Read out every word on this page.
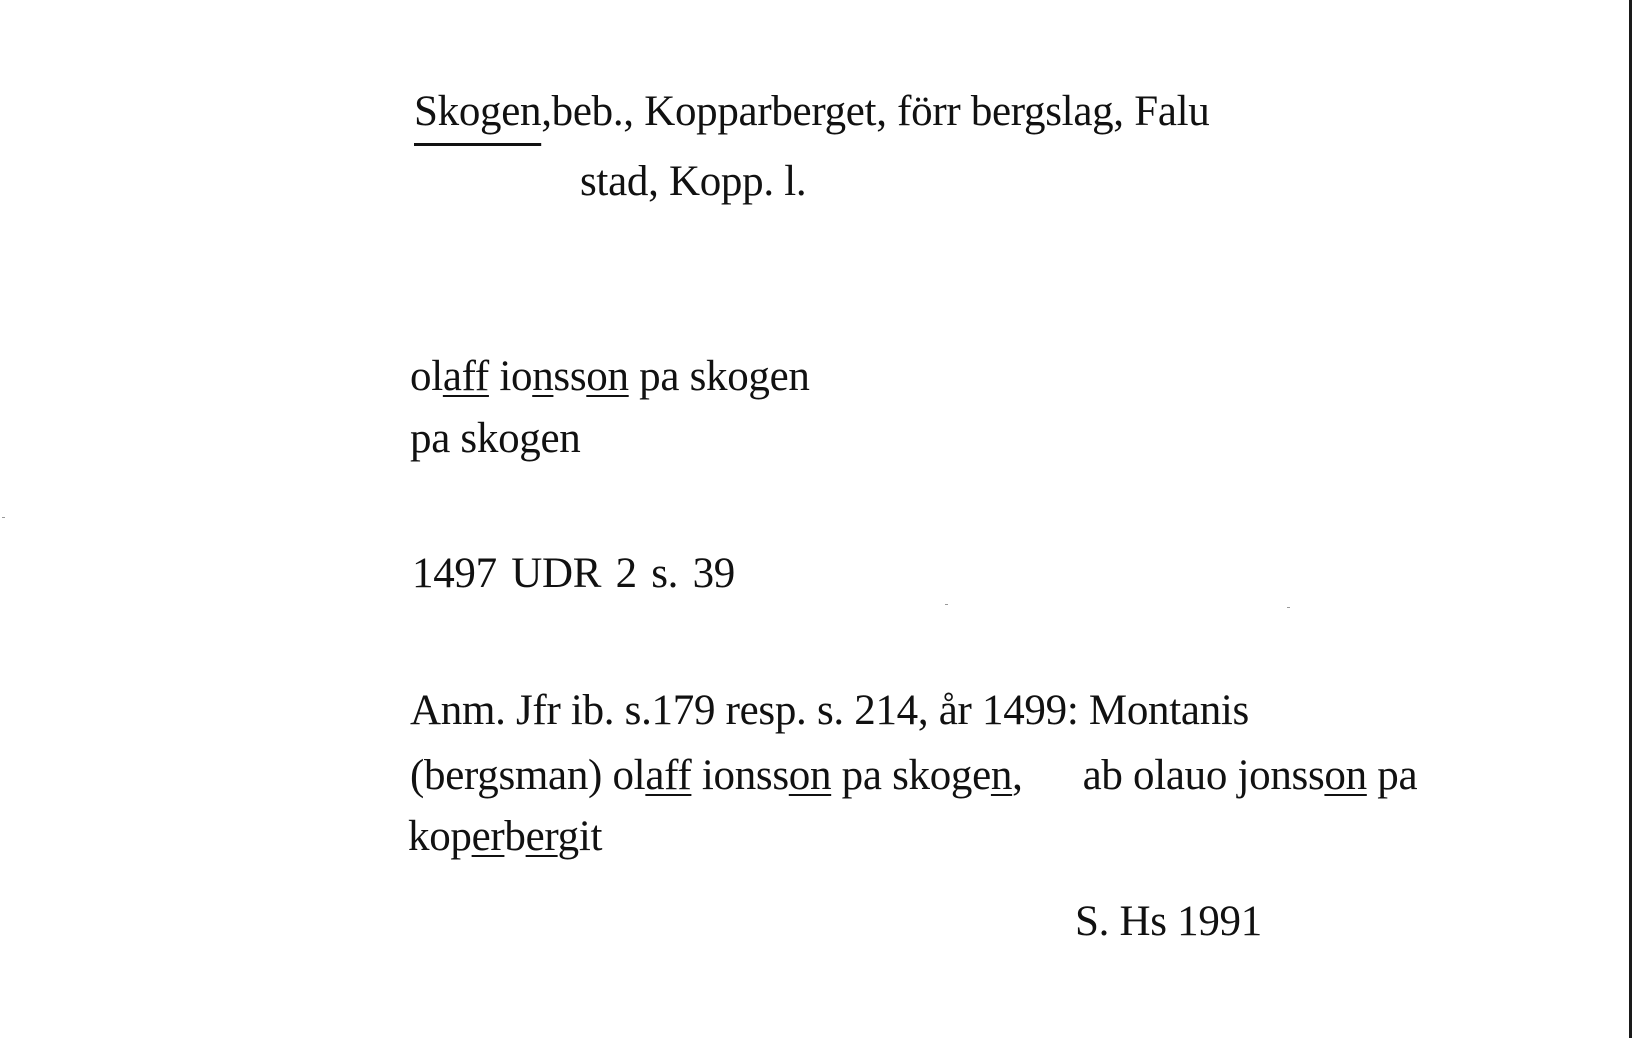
Skogen,beb., Kopparberget, förr bergslag, Falu
stad, Kopp. l.
olaff ionsson pa skogen
pa skogen
1497 UDR 2 s. 39
Anm. Jfr ib. s.179 resp. s. 214, år 1499: Montanis
(bergsman) olaff ionsson pa skogen, ab olauo jonsson pa
koperbergit
S. Hs 1991
